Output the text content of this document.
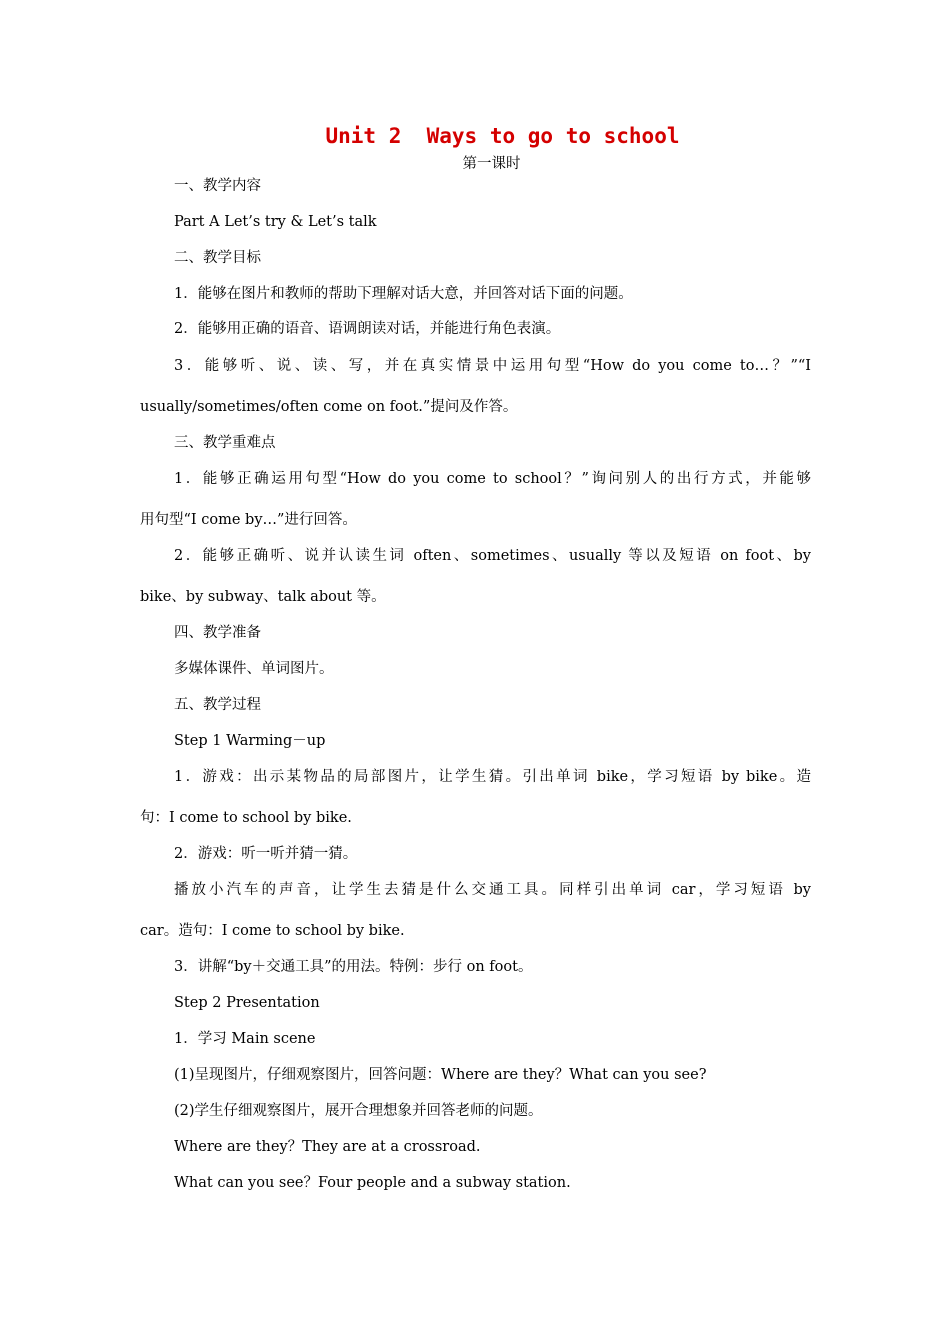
Unit 2  Ways to go to school
第一课时
一、教学内容
Part A Let’s try & Let’s talk
二、教学目标
1．能够在图片和教师的帮助下理解对话大意，并回答对话下面的问题。
2．能够用正确的语音、语调朗读对话，并能进行角色表演。
3．能够听、说、读、写，并在真实情景中运用句型“How do you come to…？”“I
usually/sometimes/often come on foot.”提问及作答。
三、教学重难点
1．能够正确运用句型“How do you come to school？”询问别人的出行方式，并能够
用句型“I come by…”进行回答。
2．能够正确听、说并认读生词 often、sometimes、usually 等以及短语 on foot、by
bike、by subway、talk about 等。
四、教学准备
多媒体课件、单词图片。
五、教学过程
Step 1 Warming－up
1．游戏：出示某物品的局部图片，让学生猜。引出单词 bike，学习短语 by bike。造
句：I come to school by bike.
2．游戏：听一听并猜一猜。
播放小汽车的声音，让学生去猜是什么交通工具。同样引出单词 car，学习短语 by
car。造句：I come to school by bike.
3．讲解“by＋交通工具”的用法。特例：步行 on foot。
Step 2 Presentation
1．学习 Main scene
(1)呈现图片，仔细观察图片，回答问题：Where are they？What can you see?
(2)学生仔细观察图片，展开合理想象并回答老师的问题。
Where are they？They are at a crossroad.
What can you see？Four people and a subway station.
